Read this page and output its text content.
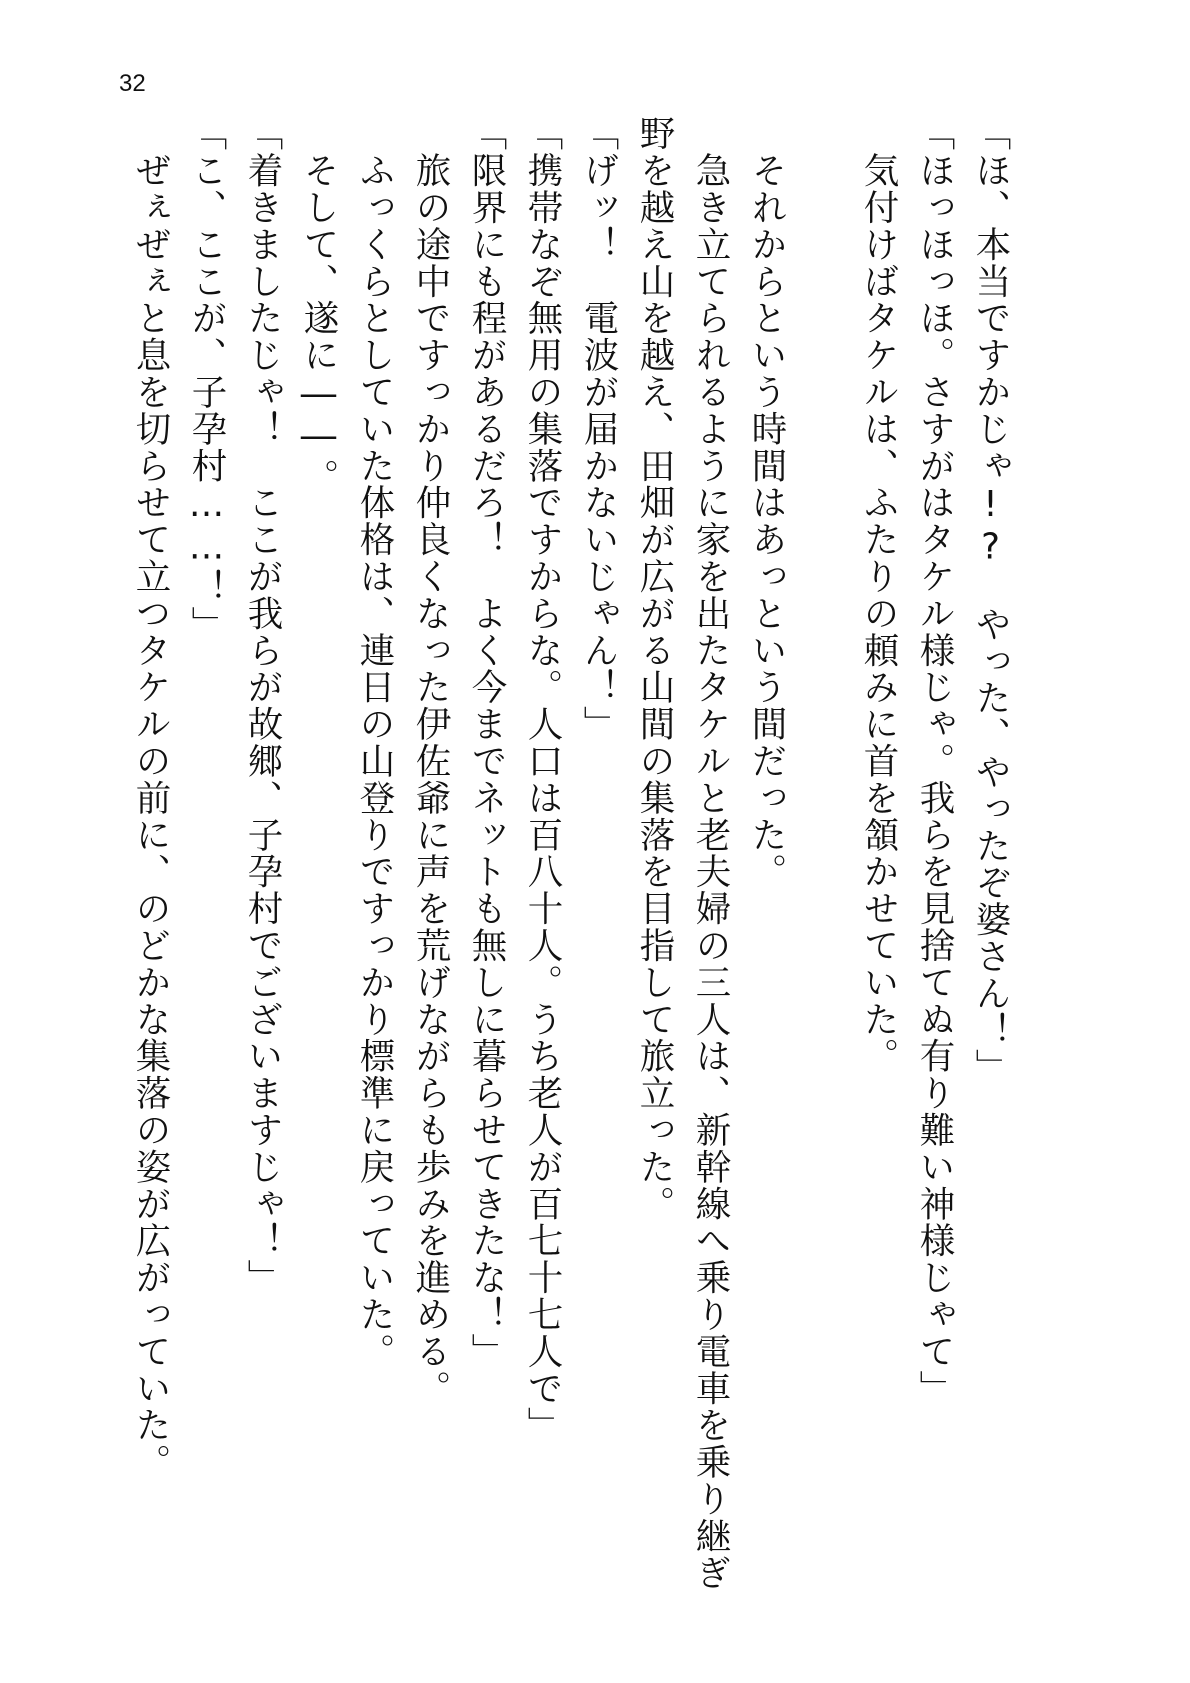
32
「ほ、本当ですかじゃ!?　やった、やったぞ婆さん！」
「ほっほっほ。さすがはタケル様じゃ。我らを見捨てぬ有り難い神様じゃて」
　気付けばタケルは、ふたりの頼みに首を頷かせていた。
　それからという時間はあっという間だった。
　急き立てられるように家を出たタケルと老夫婦の三人は、新幹線へ乗り電車を乗り継ぎ
野を越え山を越え、田畑が広がる山間の集落を目指して旅立った。
「げッ！　電波が届かないじゃん！」
「携帯なぞ無用の集落ですからな。人口は百八十人。うち老人が百七十七人で」
「限界にも程があるだろ！　よく今までネットも無しに暮らせてきたな！」
　旅の途中ですっかり仲良くなった伊佐爺に声を荒げながらも歩みを進める。
　ふっくらとしていた体格は、連日の山登りですっかり標準に戻っていた。
　そして、遂に――。
「着きましたじゃ！　ここが我らが故郷、子孕村でございますじゃ！」
「こ、ここが、子孕村……！」
　ぜぇぜぇと息を切らせて立つタケルの前に、のどかな集落の姿が広がっていた。
